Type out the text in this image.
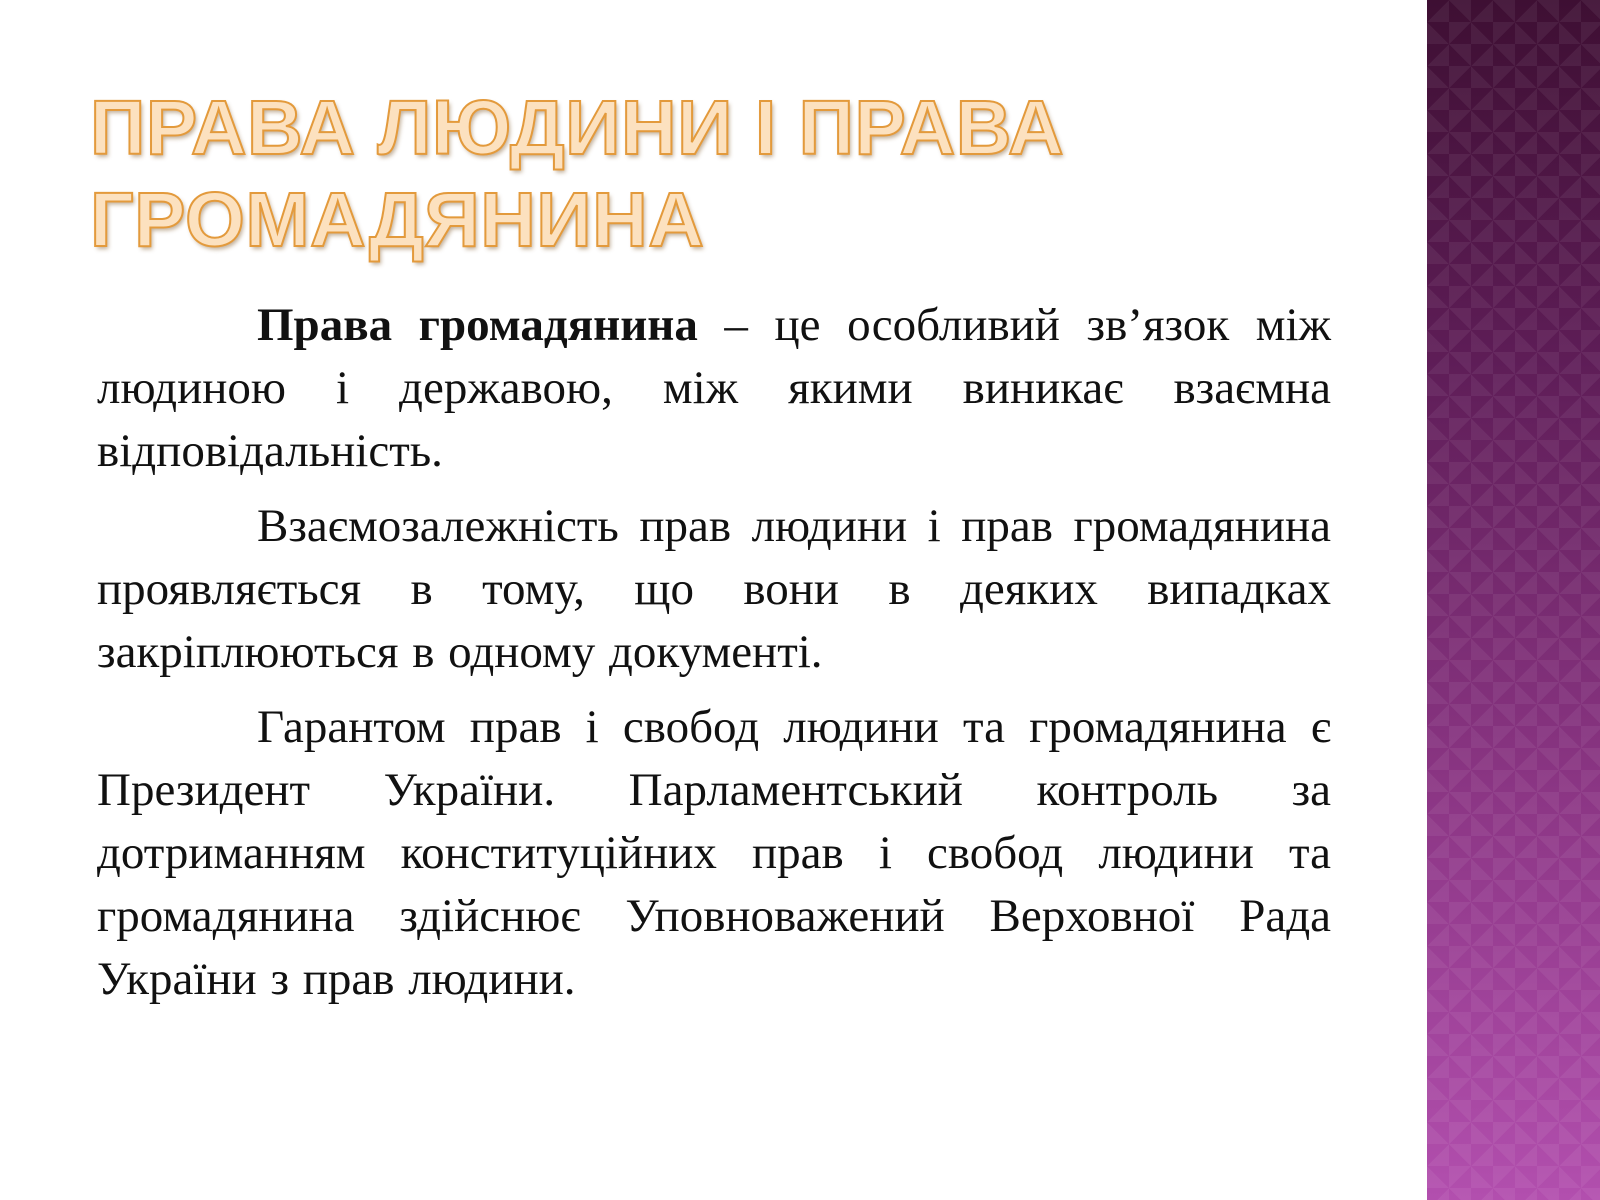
ПРАВА ЛЮДИНИ І ПРАВА
ГРОМАДЯНИНА

Права громадянина – це особливий зв’язок між людиною і державою, між якими виникає взаємна відповідальність.

Взаємозалежність прав людини і прав громадянина проявляється в тому, що вони в деяких випадках закріплюються в одному документі.

Гарантом прав і свобод людини та громадянина є Президент України. Парламентський контроль за дотриманням конституційних прав і свобод людини та громадянина здійснює Уповноважений Верховної Рада України з прав людини.
